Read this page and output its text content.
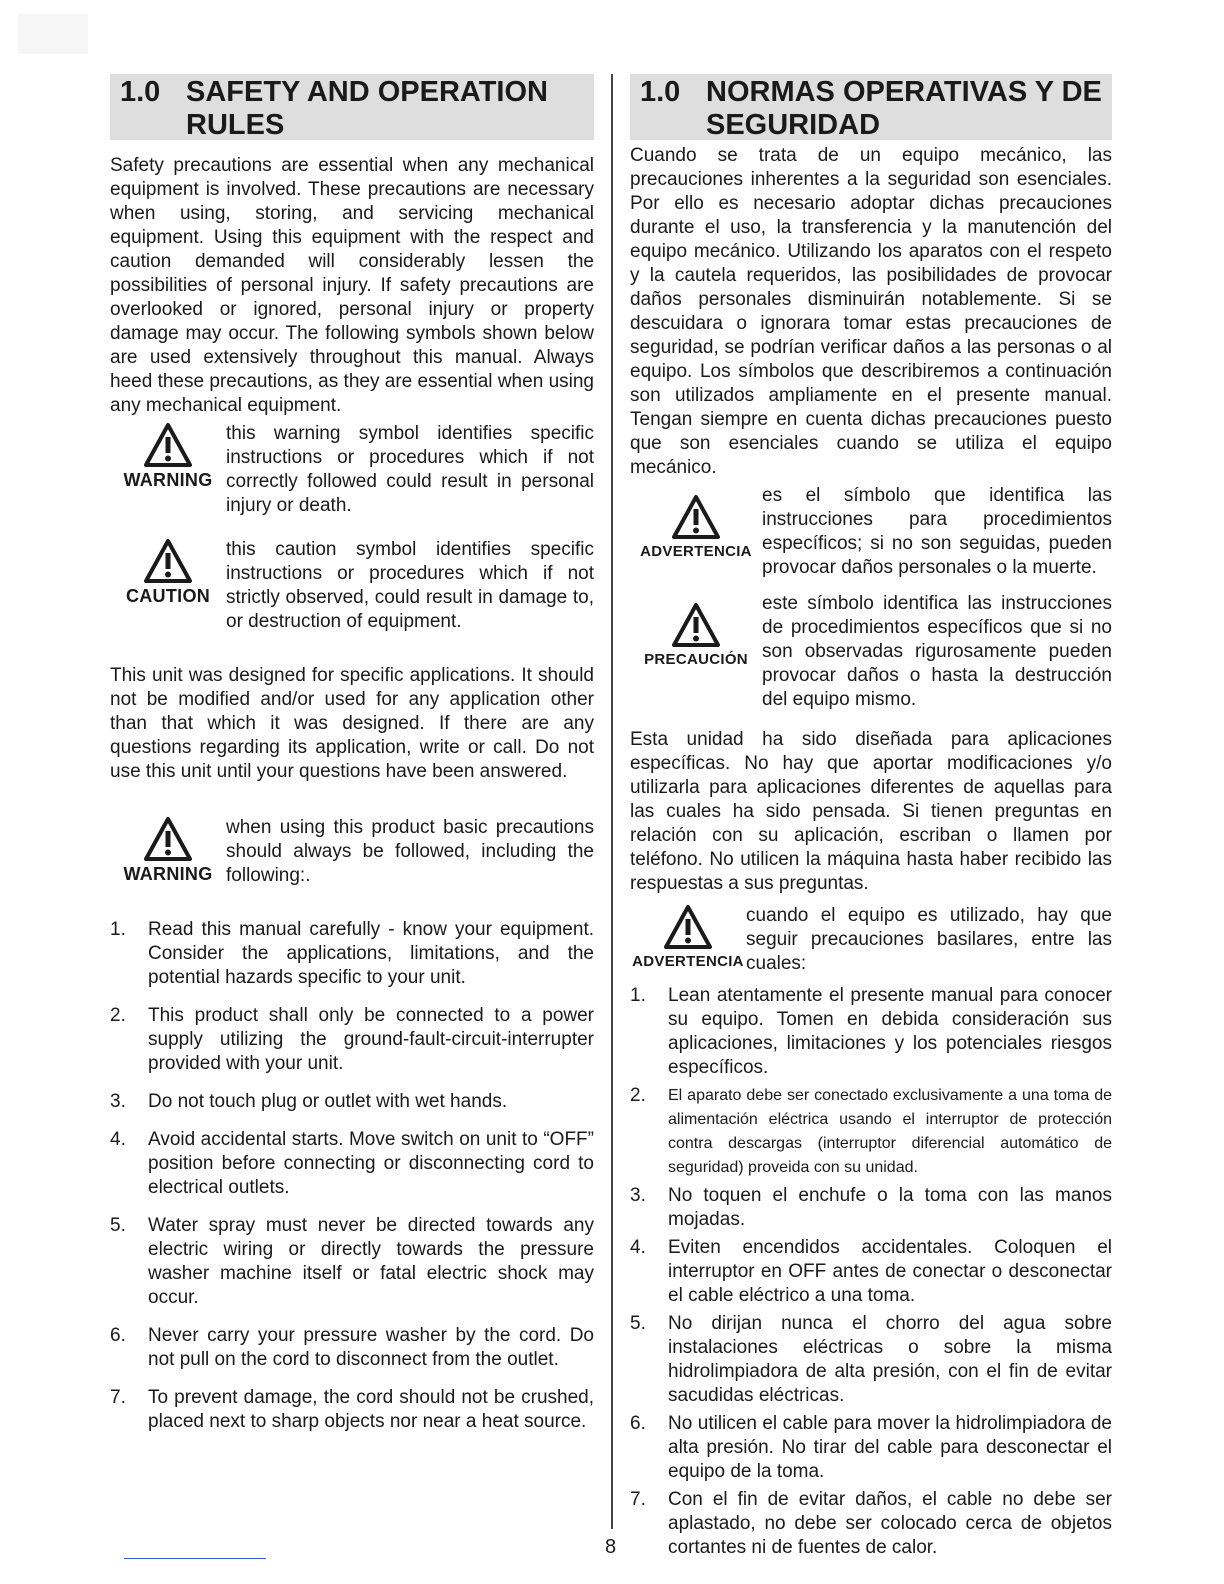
1.0 SAFETY AND OPERATION RULES

Safety precautions are essential when any mechanical equipment is involved. These precautions are necessary when using, storing, and servicing mechanical equipment. Using this equipment with the respect and caution demanded will considerably lessen the possibilities of personal injury. If safety precautions are overlooked or ignored, personal injury or property damage may occur. The following symbols shown below are used extensively throughout this manual. Always heed these precautions, as they are essential when using any mechanical equipment.

WARNING

this warning symbol identifies specific instructions or procedures which if not correctly followed could result in personal injury or death.

CAUTION

this caution symbol identifies specific instructions or procedures which if not strictly observed, could result in damage to, or destruction of equipment.

This unit was designed for specific applications. It should not be modified and/or used for any application other than that which it was designed. If there are any questions regarding its application, write or call. Do not use this unit until your questions have been answered.

WARNING

when using this product basic precautions should always be followed, including the following:.

1.	Read this manual carefully - know your equipment. Consider the applications, limitations, and the potential hazards specific to your unit.
2.	This product shall only be connected to a power supply utilizing the ground-fault-circuit-interrupter provided with your unit.
3.	Do not touch plug or outlet with wet hands.
4.	Avoid accidental starts. Move switch on unit to “OFF” position before connecting or disconnecting cord to electrical outlets.
5.	Water spray must never be directed towards any electric wiring or directly towards the pressure washer machine itself or fatal electric shock may occur.
6.	Never carry your pressure washer by the cord. Do not pull on the cord to disconnect from the outlet.
7.	To prevent damage, the cord should not be crushed, placed next to sharp objects nor near a heat source.
1.0 NORMAS OPERATIVAS Y DE SEGURIDAD

Cuando se trata de un equipo mecánico, las precauciones inherentes a la seguridad son esenciales. Por ello es necesario adoptar dichas precauciones durante el uso, la transferencia y la manutención del equipo mecánico. Utilizando los aparatos con el respeto y la cautela requeridos, las posibilidades de provocar daños personales disminuirán notablemente. Si se descuidara o ignorara tomar estas precauciones de seguridad, se podrían verificar daños a las personas o al equipo. Los símbolos que describiremos a continuación son utilizados ampliamente en el presente manual. Tengan siempre en cuenta dichas precauciones puesto que son esenciales cuando se utiliza el equipo mecánico.

ADVERTENCIA

es el símbolo que identifica las instrucciones para procedimientos específicos; si no son seguidas, pueden provocar daños personales o la muerte.

PRECAUCIÓN

este símbolo identifica las instrucciones de procedimientos específicos que si no son observadas rigurosamente pueden provocar daños o hasta la destrucción del equipo mismo.

Esta unidad ha sido diseñada para aplicaciones específicas. No hay que aportar modificaciones y/o utilizarla para aplicaciones diferentes de aquellas para las cuales ha sido pensada. Si tienen preguntas en relación con su aplicación, escriban o llamen por teléfono. No utilicen la máquina hasta haber recibido las respuestas a sus preguntas.

ADVERTENCIA

cuando el equipo es utilizado, hay que seguir precauciones basilares, entre las cuales:

1.	Lean atentamente el presente manual para conocer su equipo. Tomen en debida consideración sus aplicaciones, limitaciones y los potenciales riesgos específicos.
2.	El aparato debe ser conectado exclusivamente a una toma de alimentación eléctrica usando el interruptor de protección contra descargas (interruptor diferencial automático de seguridad) proveida con su unidad.
3.	No toquen el enchufe o la toma con las manos mojadas.
4.	Eviten encendidos accidentales. Coloquen el interruptor en OFF antes de conectar o desconectar el cable eléctrico a una toma.
5.	No dirijan nunca el chorro del agua sobre instalaciones eléctricas o sobre la misma hidrolimpiadora de alta presión, con el fin de evitar sacudidas eléctricas.
6.	No utilicen el cable para mover la hidrolimpiadora de alta presión. No tirar del cable para desconectar el equipo de la toma.
7.	Con el fin de evitar daños, el cable no debe ser aplastado, no debe ser colocado cerca de objetos cortantes ni de fuentes de calor.
8
